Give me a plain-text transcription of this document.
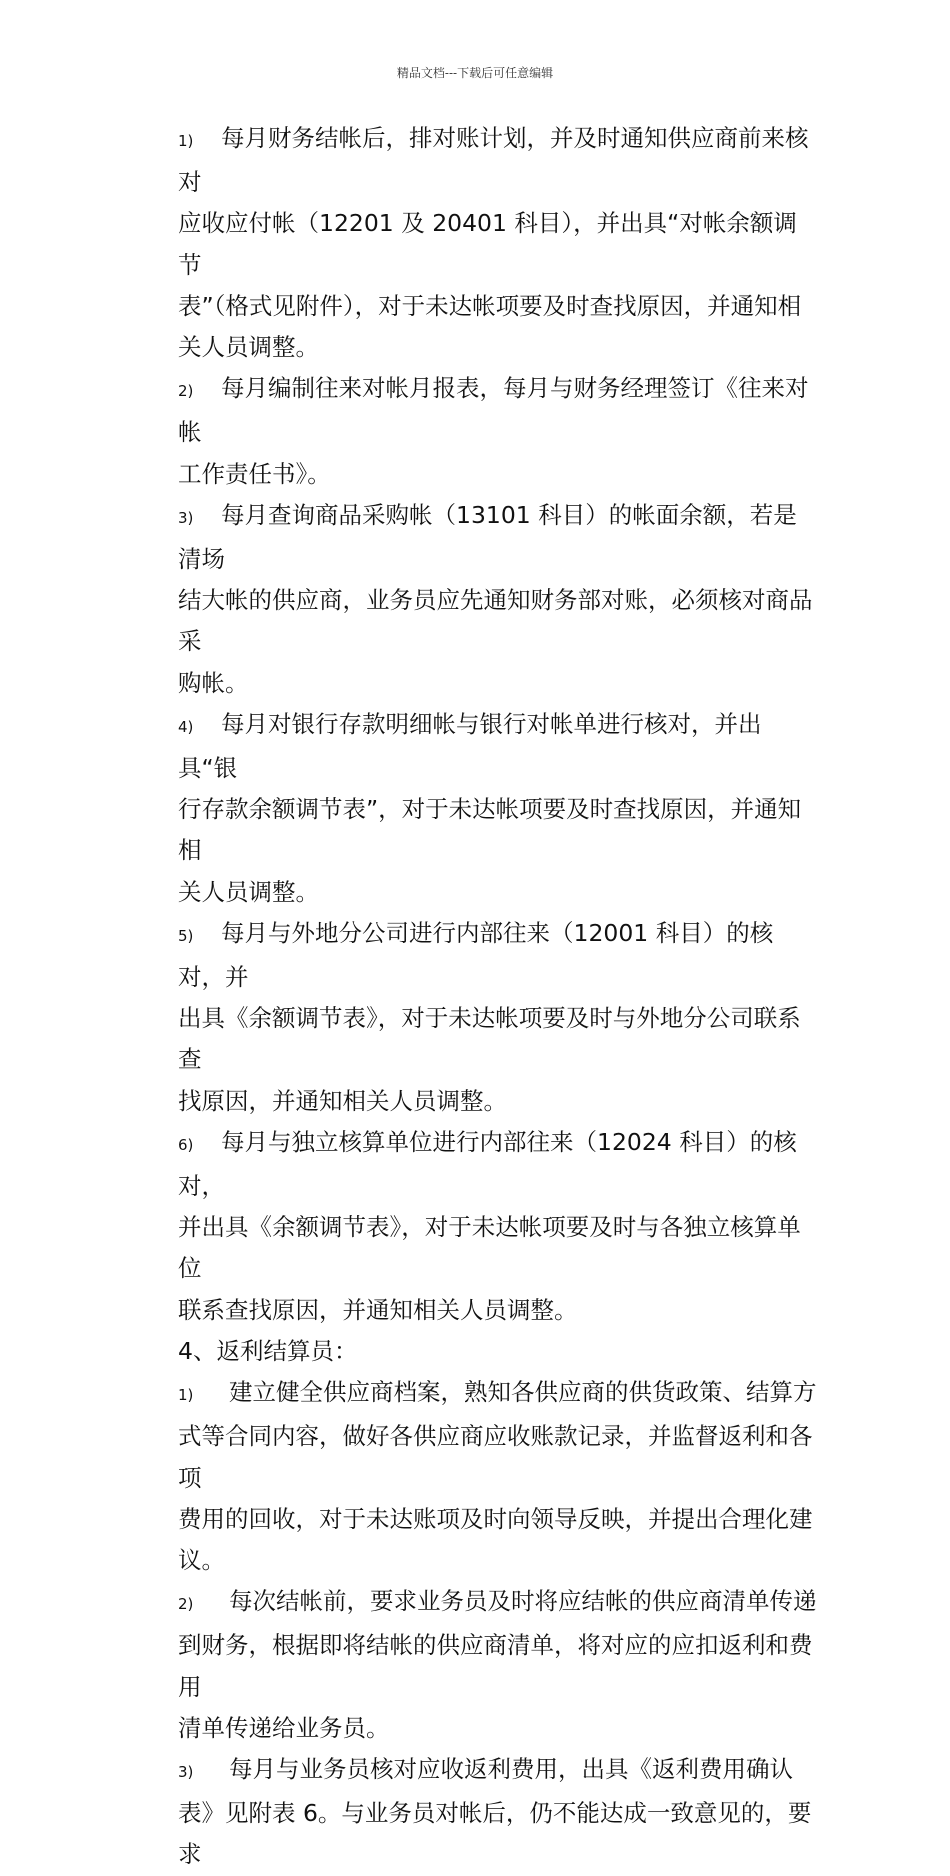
精品文档---下载后可任意编辑

1) 每月财务结帐后，排对账计划，并及时通知供应商前来核对
应收应付帐（12201 及 20401 科目），并出具“对帐余额调节
表”（格式见附件），对于未达帐项要及时查找原因，并通知相
关人员调整。

2) 每月编制往来对帐月报表，每月与财务经理签订《往来对帐
工作责任书》。

3) 每月查询商品采购帐（13101 科目）的帐面余额，若是清场
结大帐的供应商，业务员应先通知财务部对账，必须核对商品采
购帐。

4) 每月对银行存款明细帐与银行对帐单进行核对，并出具“银
行存款余额调节表”，对于未达帐项要及时查找原因，并通知相
关人员调整。

5) 每月与外地分公司进行内部往来（12001 科目）的核对，并
出具《余额调节表》，对于未达帐项要及时与外地分公司联系查
找原因，并通知相关人员调整。

6) 每月与独立核算单位进行内部往来（12024 科目）的核对，
并出具《余额调节表》，对于未达帐项要及时与各独立核算单位
联系查找原因，并通知相关人员调整。

4、返利结算员：

1) 建立健全供应商档案，熟知各供应商的供货政策、结算方
式等合同内容，做好各供应商应收账款记录，并监督返利和各项
费用的回收，对于未达账项及时向领导反映，并提出合理化建议。

2) 每次结帐前，要求业务员及时将应结帐的供应商清单传递
到财务，根据即将结帐的供应商清单，将对应的应扣返利和费用
清单传递给业务员。

3) 每月与业务员核对应收返利费用，出具《返利费用确认
表》见附表 6。与业务员对帐后，仍不能达成一致意见的，要求
